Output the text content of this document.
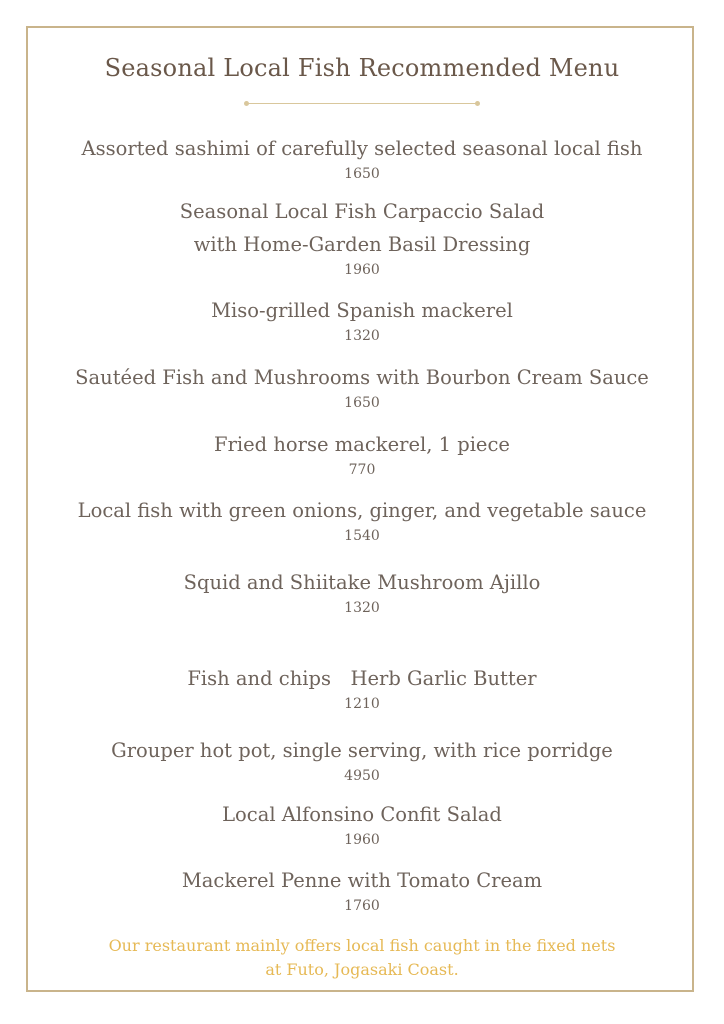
Seasonal Local Fish Recommended Menu
Assorted sashimi of carefully selected seasonal local fish
1650
Seasonal Local Fish Carpaccio Salad
with Home-Garden Basil Dressing
1960
Miso-grilled Spanish mackerel
1320
Sautéed Fish and Mushrooms with Bourbon Cream Sauce
1650
Fried horse mackerel, 1 piece
770
Local fish with green onions, ginger, and vegetable sauce
1540
Squid and Shiitake Mushroom Ajillo
1320
Fish and chips　Herb Garlic Butter
1210
Grouper hot pot, single serving, with rice porridge
4950
Local Alfonsino Confit Salad
1960
Mackerel Penne with Tomato Cream
1760
Our restaurant mainly offers local fish caught in the fixed nets
at Futo, Jogasaki Coast.
